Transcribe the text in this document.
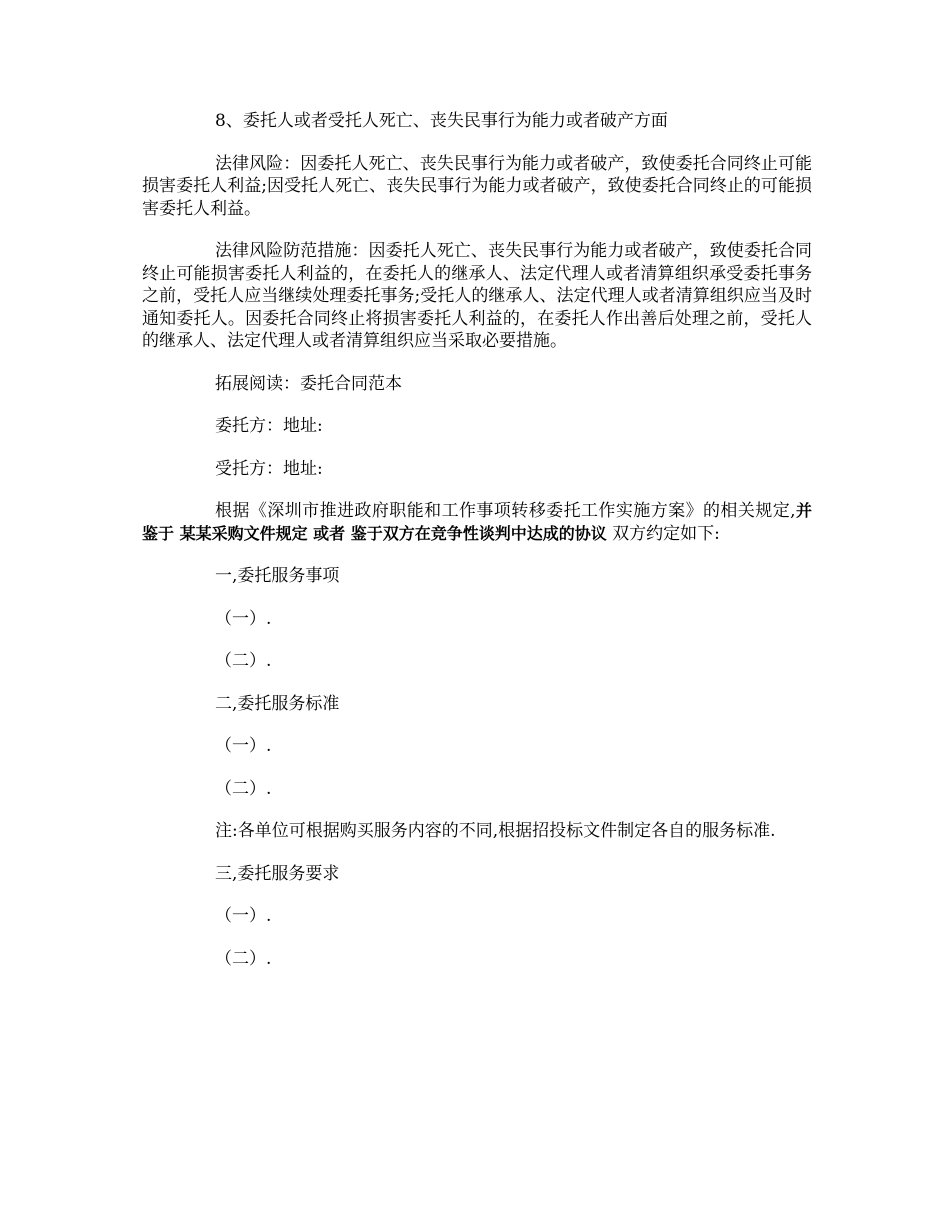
8、委托人或者受托人死亡、丧失民事行为能力或者破产方面

法律风险：因委托人死亡、丧失民事行为能力或者破产，致使委托合同终止可能损害委托人利益;因受托人死亡、丧失民事行为能力或者破产，致使委托合同终止的可能损害委托人利益。

法律风险防范措施：因委托人死亡、丧失民事行为能力或者破产，致使委托合同终止可能损害委托人利益的，在委托人的继承人、法定代理人或者清算组织承受委托事务之前，受托人应当继续处理委托事务;受托人的继承人、法定代理人或者清算组织应当及时通知委托人。因委托合同终止将损害委托人利益的，在委托人作出善后处理之前，受托人的继承人、法定代理人或者清算组织应当采取必要措施。

拓展阅读：委托合同范本

委托方：地址:

受托方：地址:

根据《深圳市推进政府职能和工作事项转移委托工作实施方案》的相关规定,并鉴于 某某采购文件规定 或者 鉴于双方在竞争性谈判中达成的协议 双方约定如下:

一,委托服务事项

（一）.

（二）.

二,委托服务标准

（一）.

（二）.

注:各单位可根据购买服务内容的不同,根据招投标文件制定各自的服务标准.

三,委托服务要求

（一）.

（二）.
